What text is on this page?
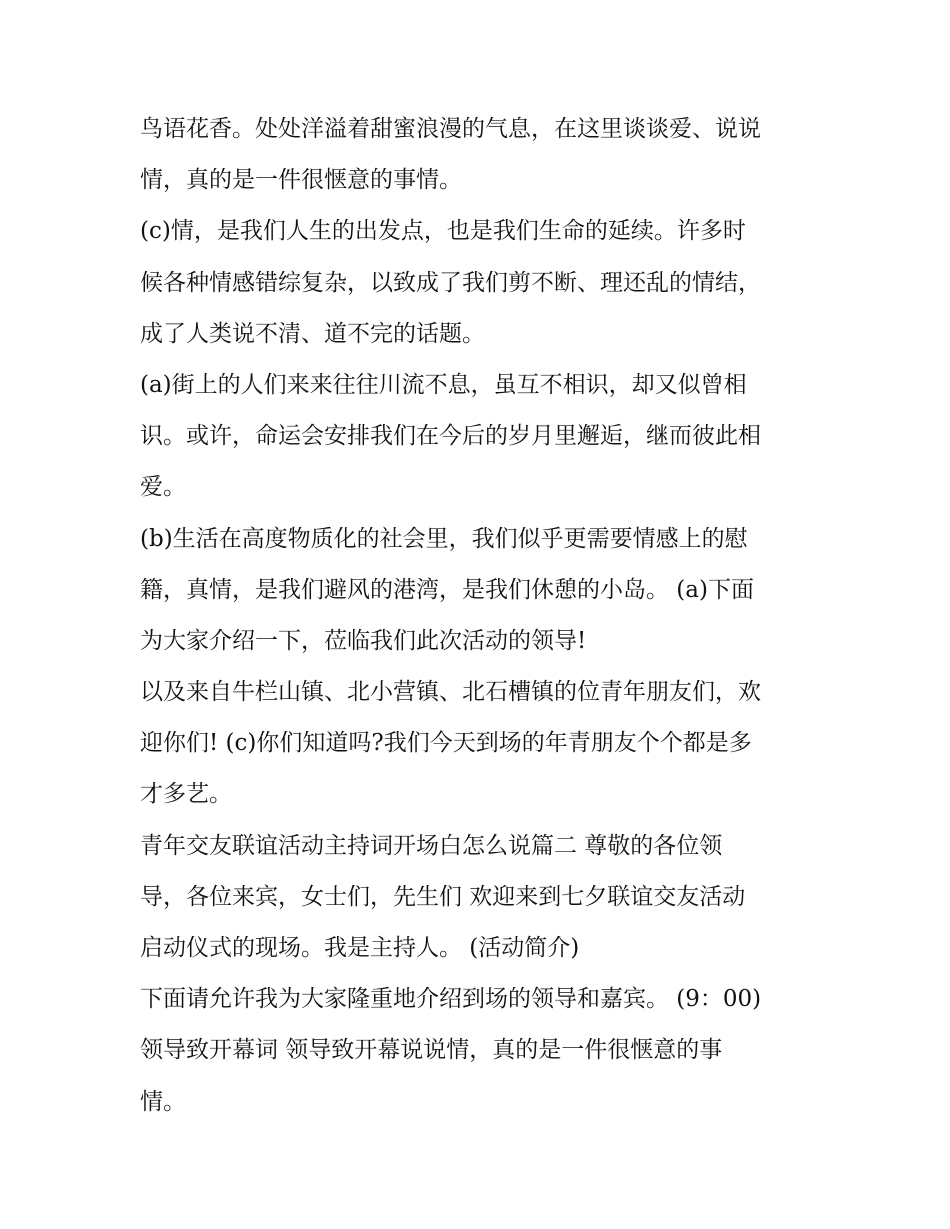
鸟语花香。处处洋溢着甜蜜浪漫的气息，在这里谈谈爱、说说
情，真的是一件很惬意的事情。
(c)情，是我们人生的出发点，也是我们生命的延续。许多时
候各种情感错综复杂，以致成了我们剪不断、理还乱的情结，
成了人类说不清、道不完的话题。
(a)街上的人们来来往往川流不息，虽互不相识，却又似曾相
识。或许，命运会安排我们在今后的岁月里邂逅，继而彼此相
爱。
(b)生活在高度物质化的社会里，我们似乎更需要情感上的慰
籍，真情，是我们避风的港湾，是我们休憩的小岛。 (a)下面
为大家介绍一下，莅临我们此次活动的领导!
以及来自牛栏山镇、北小营镇、北石槽镇的位青年朋友们，欢
迎你们! (c)你们知道吗?我们今天到场的年青朋友个个都是多
才多艺。
青年交友联谊活动主持词开场白怎么说篇二 尊敬的各位领
导，各位来宾，女士们，先生们 欢迎来到七夕联谊交友活动
启动仪式的现场。我是主持人。 (活动简介)
下面请允许我为大家隆重地介绍到场的领导和嘉宾。 (9：00)
领导致开幕词 领导致开幕说说情，真的是一件很惬意的事
情。
